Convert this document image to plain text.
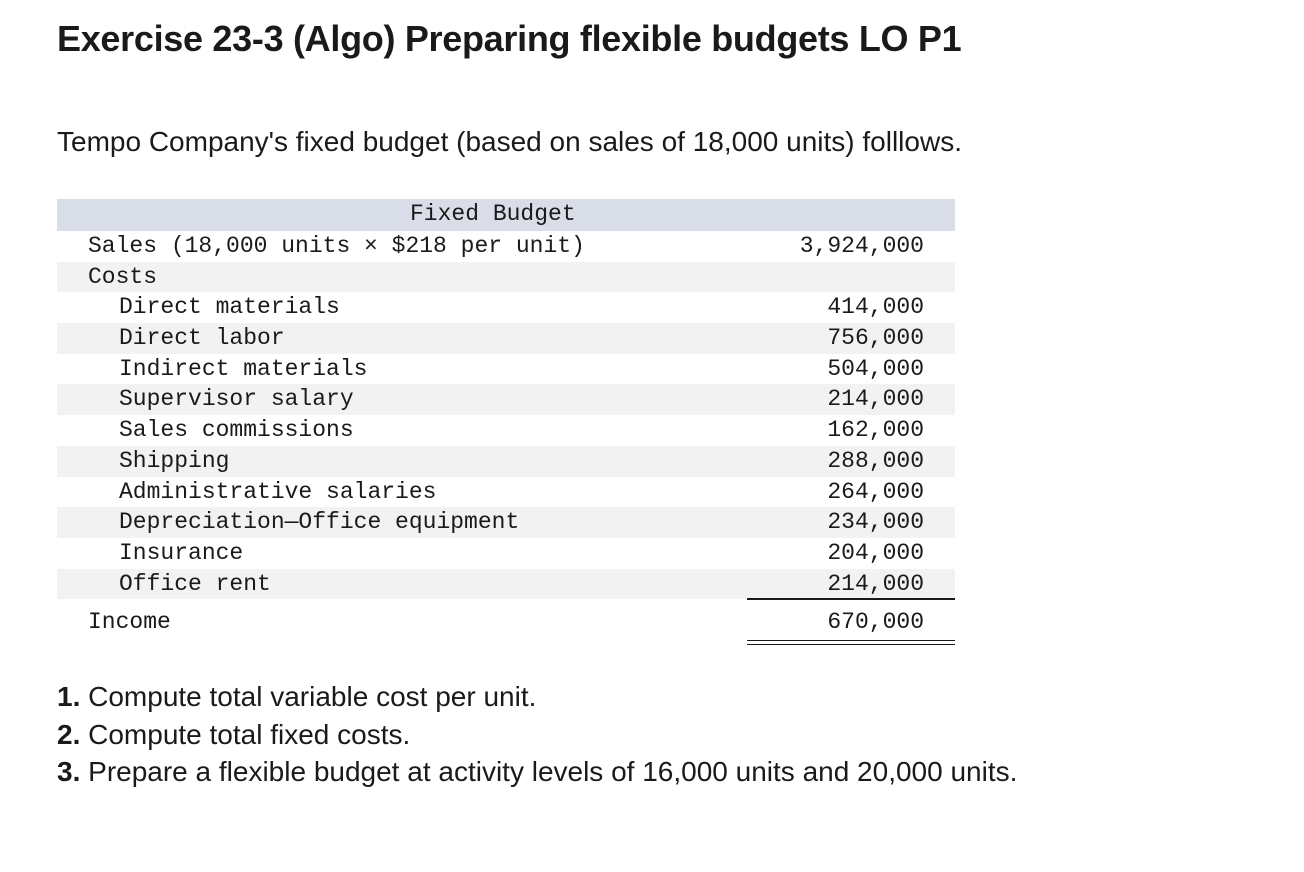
Exercise 23-3 (Algo) Preparing flexible budgets LO P1

Tempo Company's fixed budget (based on sales of 18,000 units) folllows.

Fixed Budget
Sales (18,000 units × $218 per unit)	3,924,000
Costs
Direct materials	414,000
Direct labor	756,000
Indirect materials	504,000
Supervisor salary	214,000
Sales commissions	162,000
Shipping	288,000
Administrative salaries	264,000
Depreciation—Office equipment	234,000
Insurance	204,000
Office rent	214,000
Income	670,000
1. Compute total variable cost per unit.
2. Compute total fixed costs.
3. Prepare a flexible budget at activity levels of 16,000 units and 20,000 units.
